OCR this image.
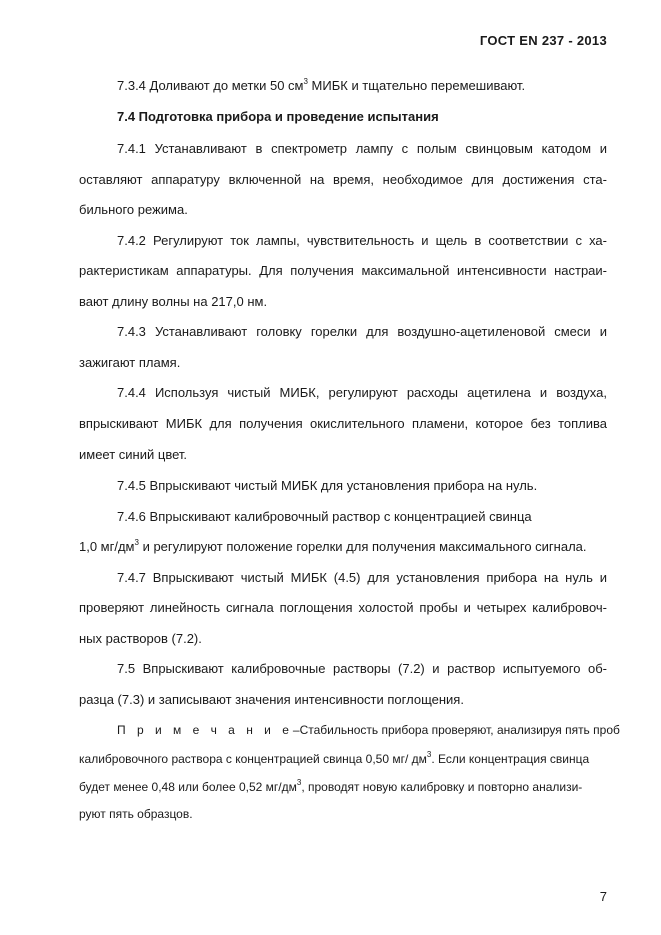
ГОСТ EN 237 - 2013
7.3.4 Доливают до метки 50 $см^3$ МИБК и тщательно перемешивают.
7.4 Подготовка прибора и проведение испытания
7.4.1 Устанавливают в спектрометр лампу с полым свинцовым катодом и
оставляют аппаратуру включенной на время, необходимое для достижения ста-
бильного режима.
7.4.2 Регулируют ток лампы, чувствительность и щель в соответствии с ха-
рактеристикам аппаратуры. Для получения максимальной интенсивности настраи-
вают длину волны на 217,0 нм.
7.4.3 Устанавливают головку горелки для воздушно-ацетиленовой смеси и
зажигают пламя.
7.4.4 Используя чистый МИБК, регулируют расходы ацетилена и воздуха,
впрыскивают МИБК для получения окислительного пламени, которое без топлива
имеет синий цвет.
7.4.5 Впрыскивают чистый МИБК для установления прибора на нуль.
7.4.6 Впрыскивают калибровочный раствор с концентрацией свинца
1,0 $мг/дм^3$ и регулируют положение горелки для получения максимального сигнала.
7.4.7 Впрыскивают чистый МИБК (4.5) для установления прибора на нуль и
проверяют линейность сигнала поглощения холостой пробы и четырех калибровоч-
ных растворов (7.2).
7.5 Впрыскивают калибровочные растворы (7.2) и раствор испытуемого об-
разца (7.3) и записывают значения интенсивности поглощения.
П р и м е ч а н и е – Стабильность прибора проверяют, анализируя пять проб
калибровочного раствора с концентрацией свинца 0,50 мг/ $дм^3$. Если концентрация свинца
будет менее 0,48 или более 0,52 $мг/дм^3$, проводят новую калибровку и повторно анализи-
руют пять образцов.
7
